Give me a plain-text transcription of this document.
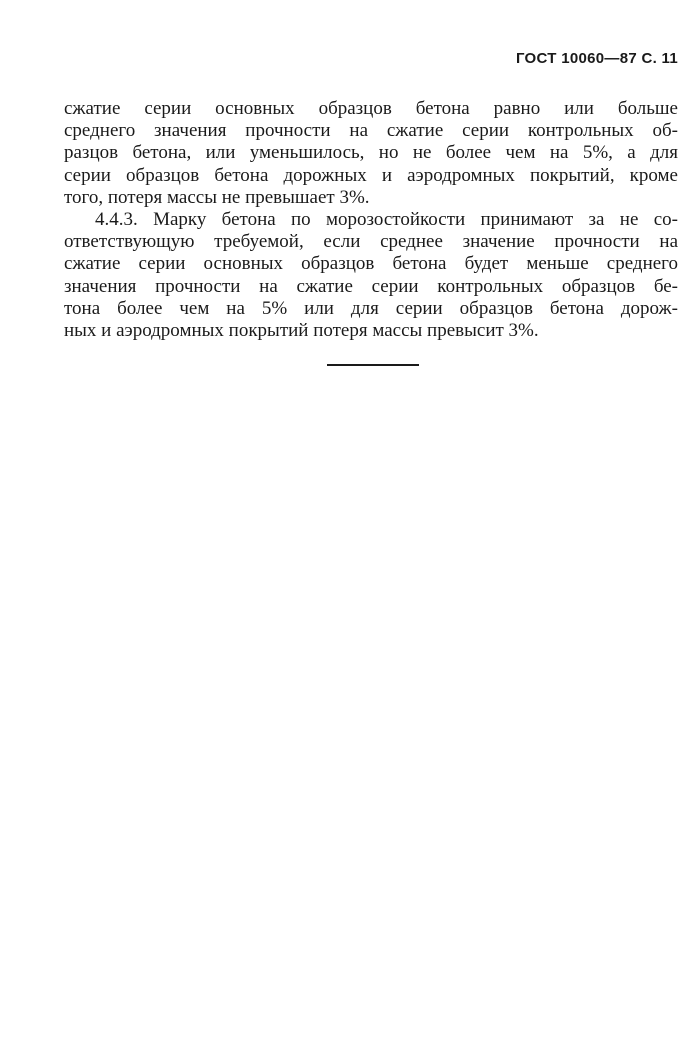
ГОСТ 10060—87 С. 11
сжатие серии основных образцов бетона равно или больше
среднего значения прочности на сжатие серии контрольных об-
разцов бетона, или уменьшилось, но не более чем на 5%, а для
серии образцов бетона дорожных и аэродромных покрытий, кроме
того, потеря массы не превышает 3%.
4.4.3. Марку бетона по морозостойкости принимают за не со-
ответствующую требуемой, если среднее значение прочности на
сжатие серии основных образцов бетона будет меньше среднего
значения прочности на сжатие серии контрольных образцов бе-
тона более чем на 5% или для серии образцов бетона дорож-
ных и аэродромных покрытий потеря массы превысит 3%.
